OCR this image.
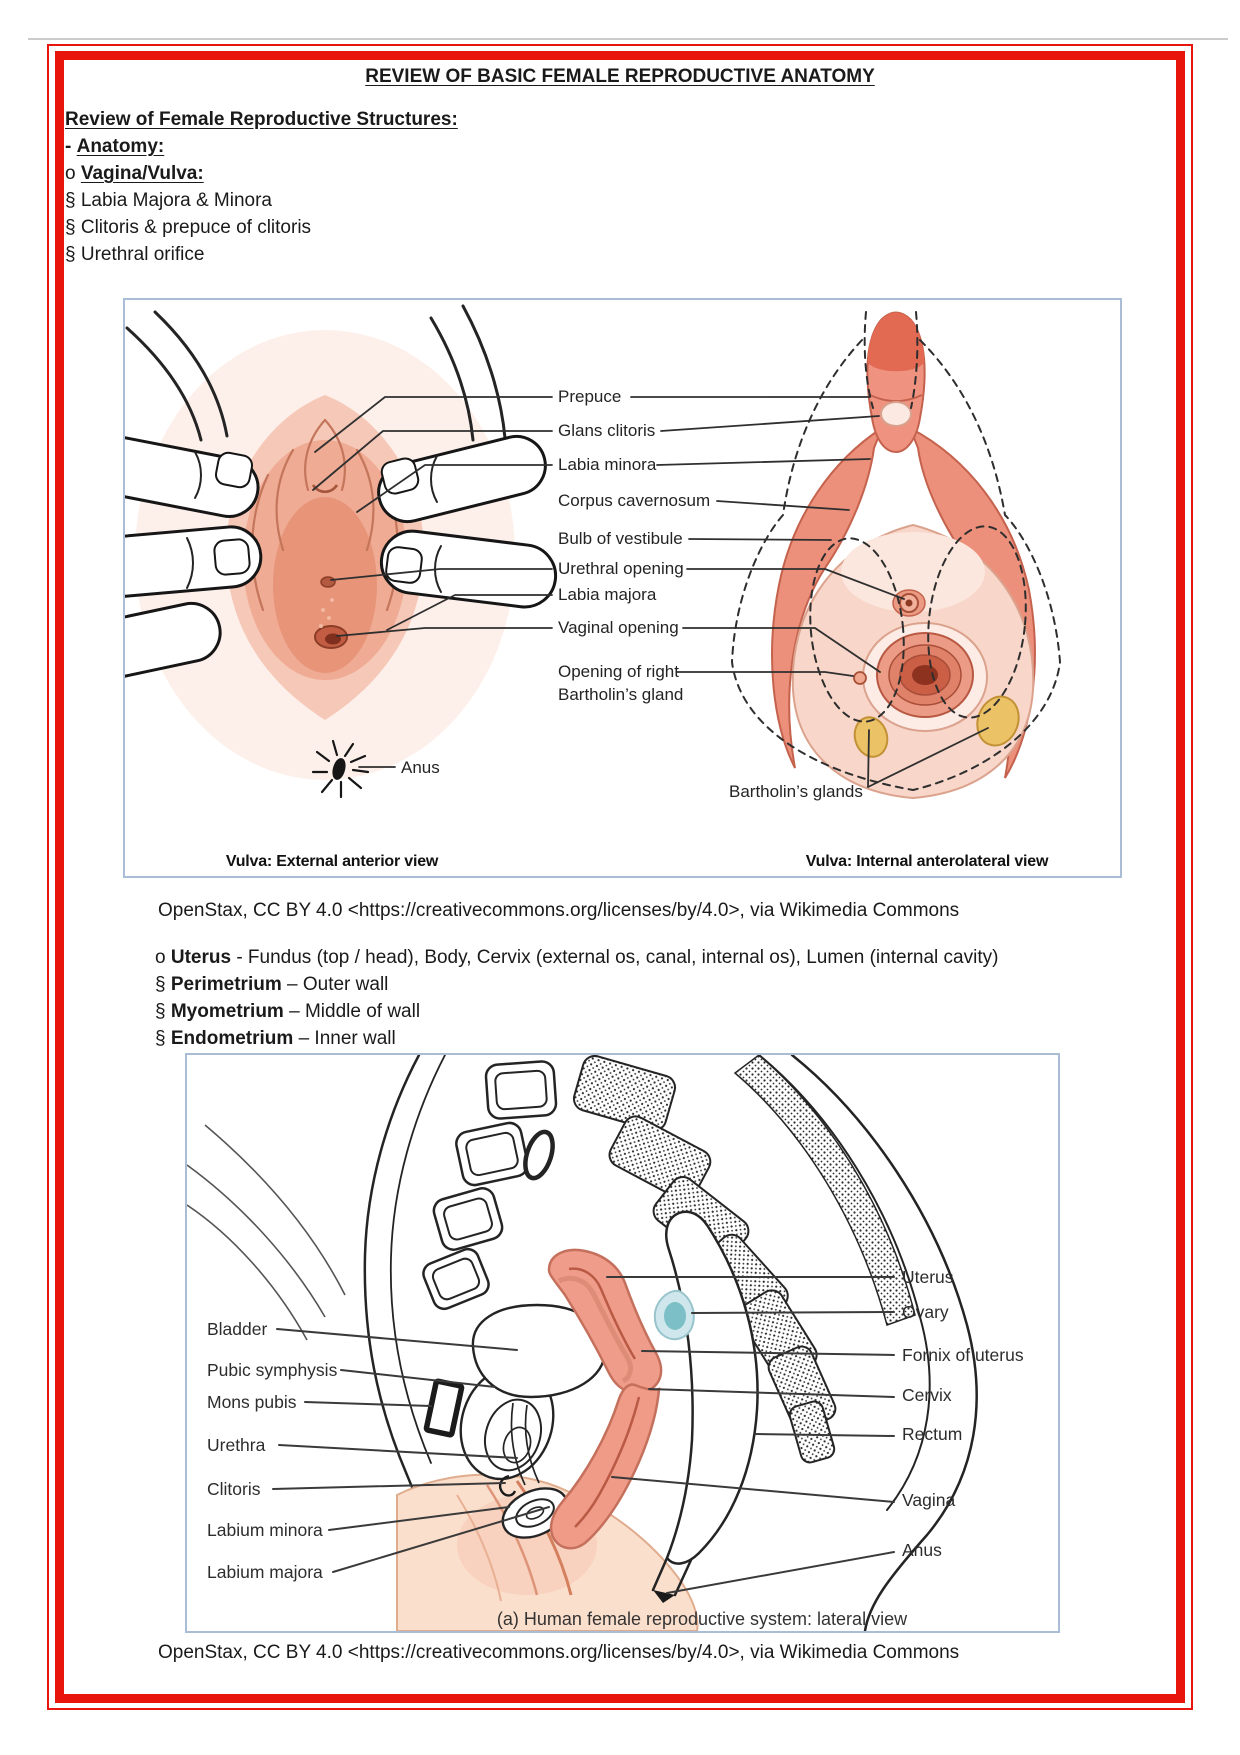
REVIEW OF BASIC FEMALE REPRODUCTIVE ANATOMY
Review of Female Reproductive Structures:
- Anatomy:
o Vagina/Vulva:
§ Labia Majora & Minora
§ Clitoris & prepuce of clitoris
§ Urethral orifice
Prepuce
Glans clitoris
Labia minora
Corpus cavernosum
Bulb of vestibule
Urethral opening
Labia majora
Vaginal opening
Opening of right
Bartholin’s gland
Anus
Bartholin’s glands
Vulva: External anterior view	Vulva: Internal anterolateral view
OpenStax, CC BY 4.0 <https://creativecommons.org/licenses/by/4.0>, via Wikimedia Commons
o Uterus - Fundus (top / head), Body, Cervix (external os, canal, internal os), Lumen (internal cavity)
§ Perimetrium – Outer wall
§ Myometrium – Middle of wall
§ Endometrium – Inner wall
Bladder
Pubic symphysis
Mons pubis
Urethra
Clitoris
Labium minora
Labium majora
Uterus
Ovary
Fornix of uterus
Cervix
Rectum
Vagina
Anus
(a) Human female reproductive system: lateral view
OpenStax, CC BY 4.0 <https://creativecommons.org/licenses/by/4.0>, via Wikimedia Commons
